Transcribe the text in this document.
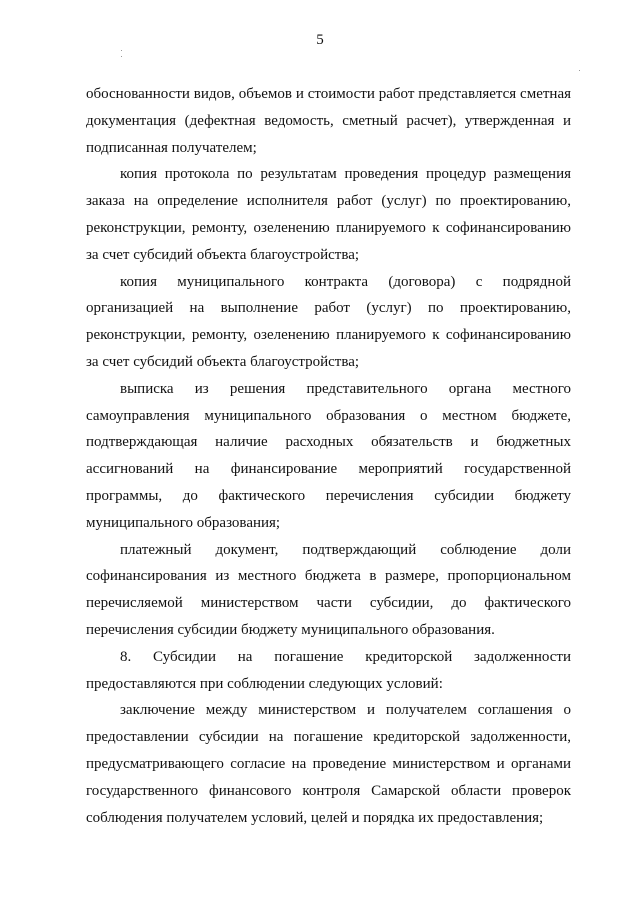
5

обоснованности видов, объемов и стоимости работ представляется сметная документация (дефектная ведомость, сметный расчет), утвержденная и подписанная получателем;

копия протокола по результатам проведения процедур размещения заказа на определение исполнителя работ (услуг) по проектированию, реконструкции, ремонту, озеленению планируемого к софинансированию за счет субсидий объекта благоустройства;

копия муниципального контракта (договора) с подрядной организацией на выполнение работ (услуг) по проектированию, реконструкции, ремонту, озеленению планируемого к софинансированию за счет субсидий объекта благоустройства;

выписка из решения представительного органа местного самоуправления муниципального образования о местном бюджете, подтверждающая наличие расходных обязательств и бюджетных ассигнований на финансирование мероприятий государственной программы, до фактического перечисления субсидии бюджету муниципального образования;

платежный документ, подтверждающий соблюдение доли софинансирования из местного бюджета в размере, пропорциональном перечисляемой министерством части субсидии, до фактического перечисления субсидии бюджету муниципального образования.

8. Субсидии на погашение кредиторской задолженности предоставляются при соблюдении следующих условий:

заключение между министерством и получателем соглашения о предоставлении субсидии на погашение кредиторской задолженности, предусматривающего согласие на проведение министерством и органами государственного финансового контроля Самарской области проверок соблюдения получателем условий, целей и порядка их предоставления;
